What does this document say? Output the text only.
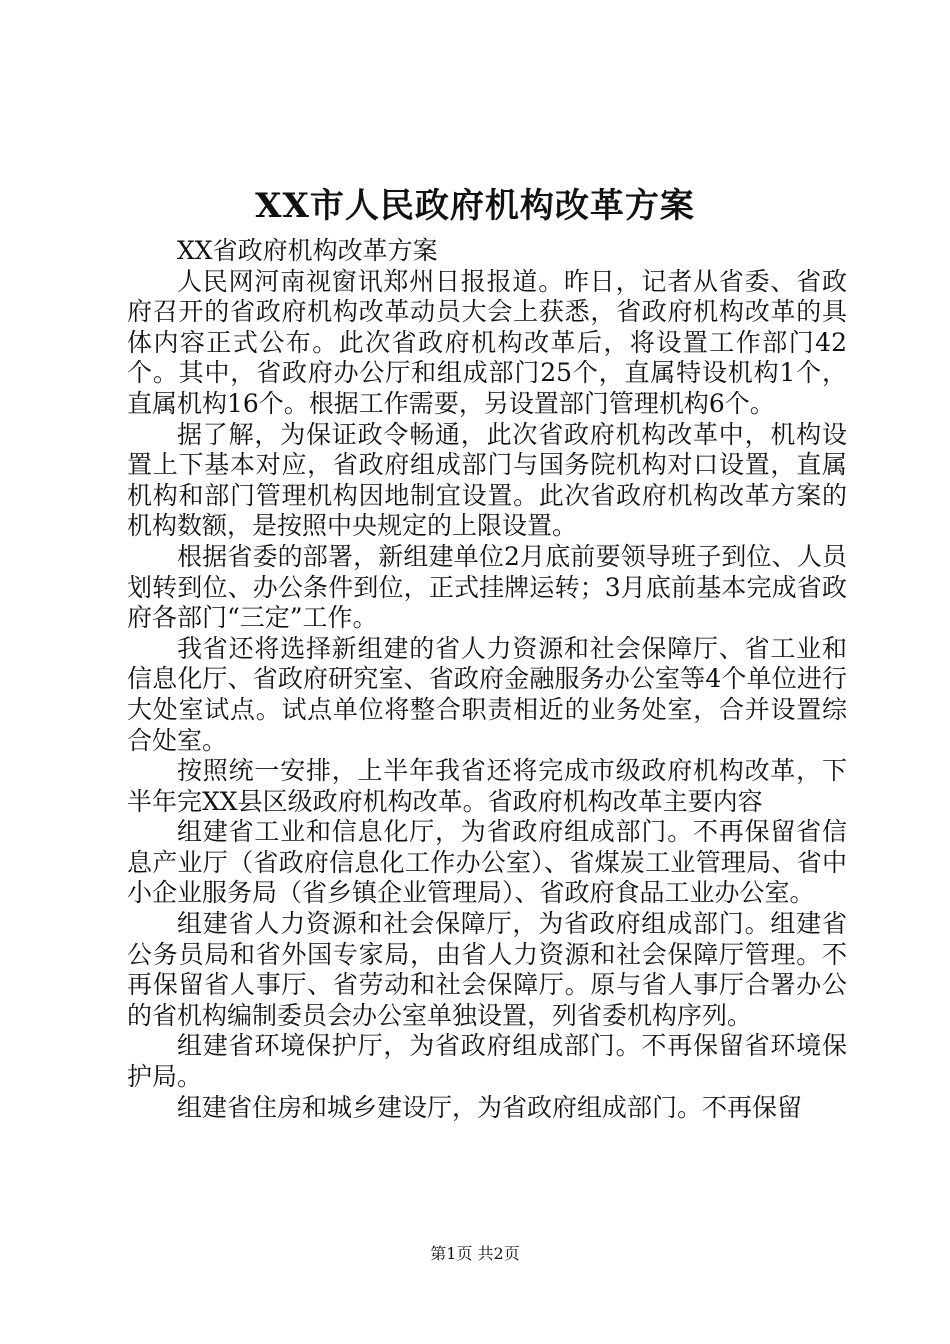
XX市人民政府机构改革方案

XX省政府机构改革方案

人民网河南视窗讯郑州日报报道。昨日，记者从省委、省政府召开的省政府机构改革动员大会上获悉，省政府机构改革的具体内容正式公布。此次省政府机构改革后，将设置工作部门42个。其中，省政府办公厅和组成部门25个，直属特设机构1个，直属机构16个。根据工作需要，另设置部门管理机构6个。

据了解，为保证政令畅通，此次省政府机构改革中，机构设置上下基本对应，省政府组成部门与国务院机构对口设置，直属机构和部门管理机构因地制宜设置。此次省政府机构改革方案的机构数额，是按照中央规定的上限设置。

根据省委的部署，新组建单位2月底前要领导班子到位、人员划转到位、办公条件到位，正式挂牌运转；3月底前基本完成省政府各部门“三定”工作。

我省还将选择新组建的省人力资源和社会保障厅、省工业和信息化厅、省政府研究室、省政府金融服务办公室等4个单位进行大处室试点。试点单位将整合职责相近的业务处室，合并设置综合处室。

按照统一安排，上半年我省还将完成市级政府机构改革，下半年完XX县区级政府机构改革。省政府机构改革主要内容

组建省工业和信息化厅，为省政府组成部门。不再保留省信息产业厅（省政府信息化工作办公室）、省煤炭工业管理局、省中小企业服务局（省乡镇企业管理局）、省政府食品工业办公室。

组建省人力资源和社会保障厅，为省政府组成部门。组建省公务员局和省外国专家局，由省人力资源和社会保障厅管理。不再保留省人事厅、省劳动和社会保障厅。原与省人事厅合署办公的省机构编制委员会办公室单独设置，列省委机构序列。

组建省环境保护厅，为省政府组成部门。不再保留省环境保护局。

组建省住房和城乡建设厅，为省政府组成部门。不再保留

第1页 共2页
